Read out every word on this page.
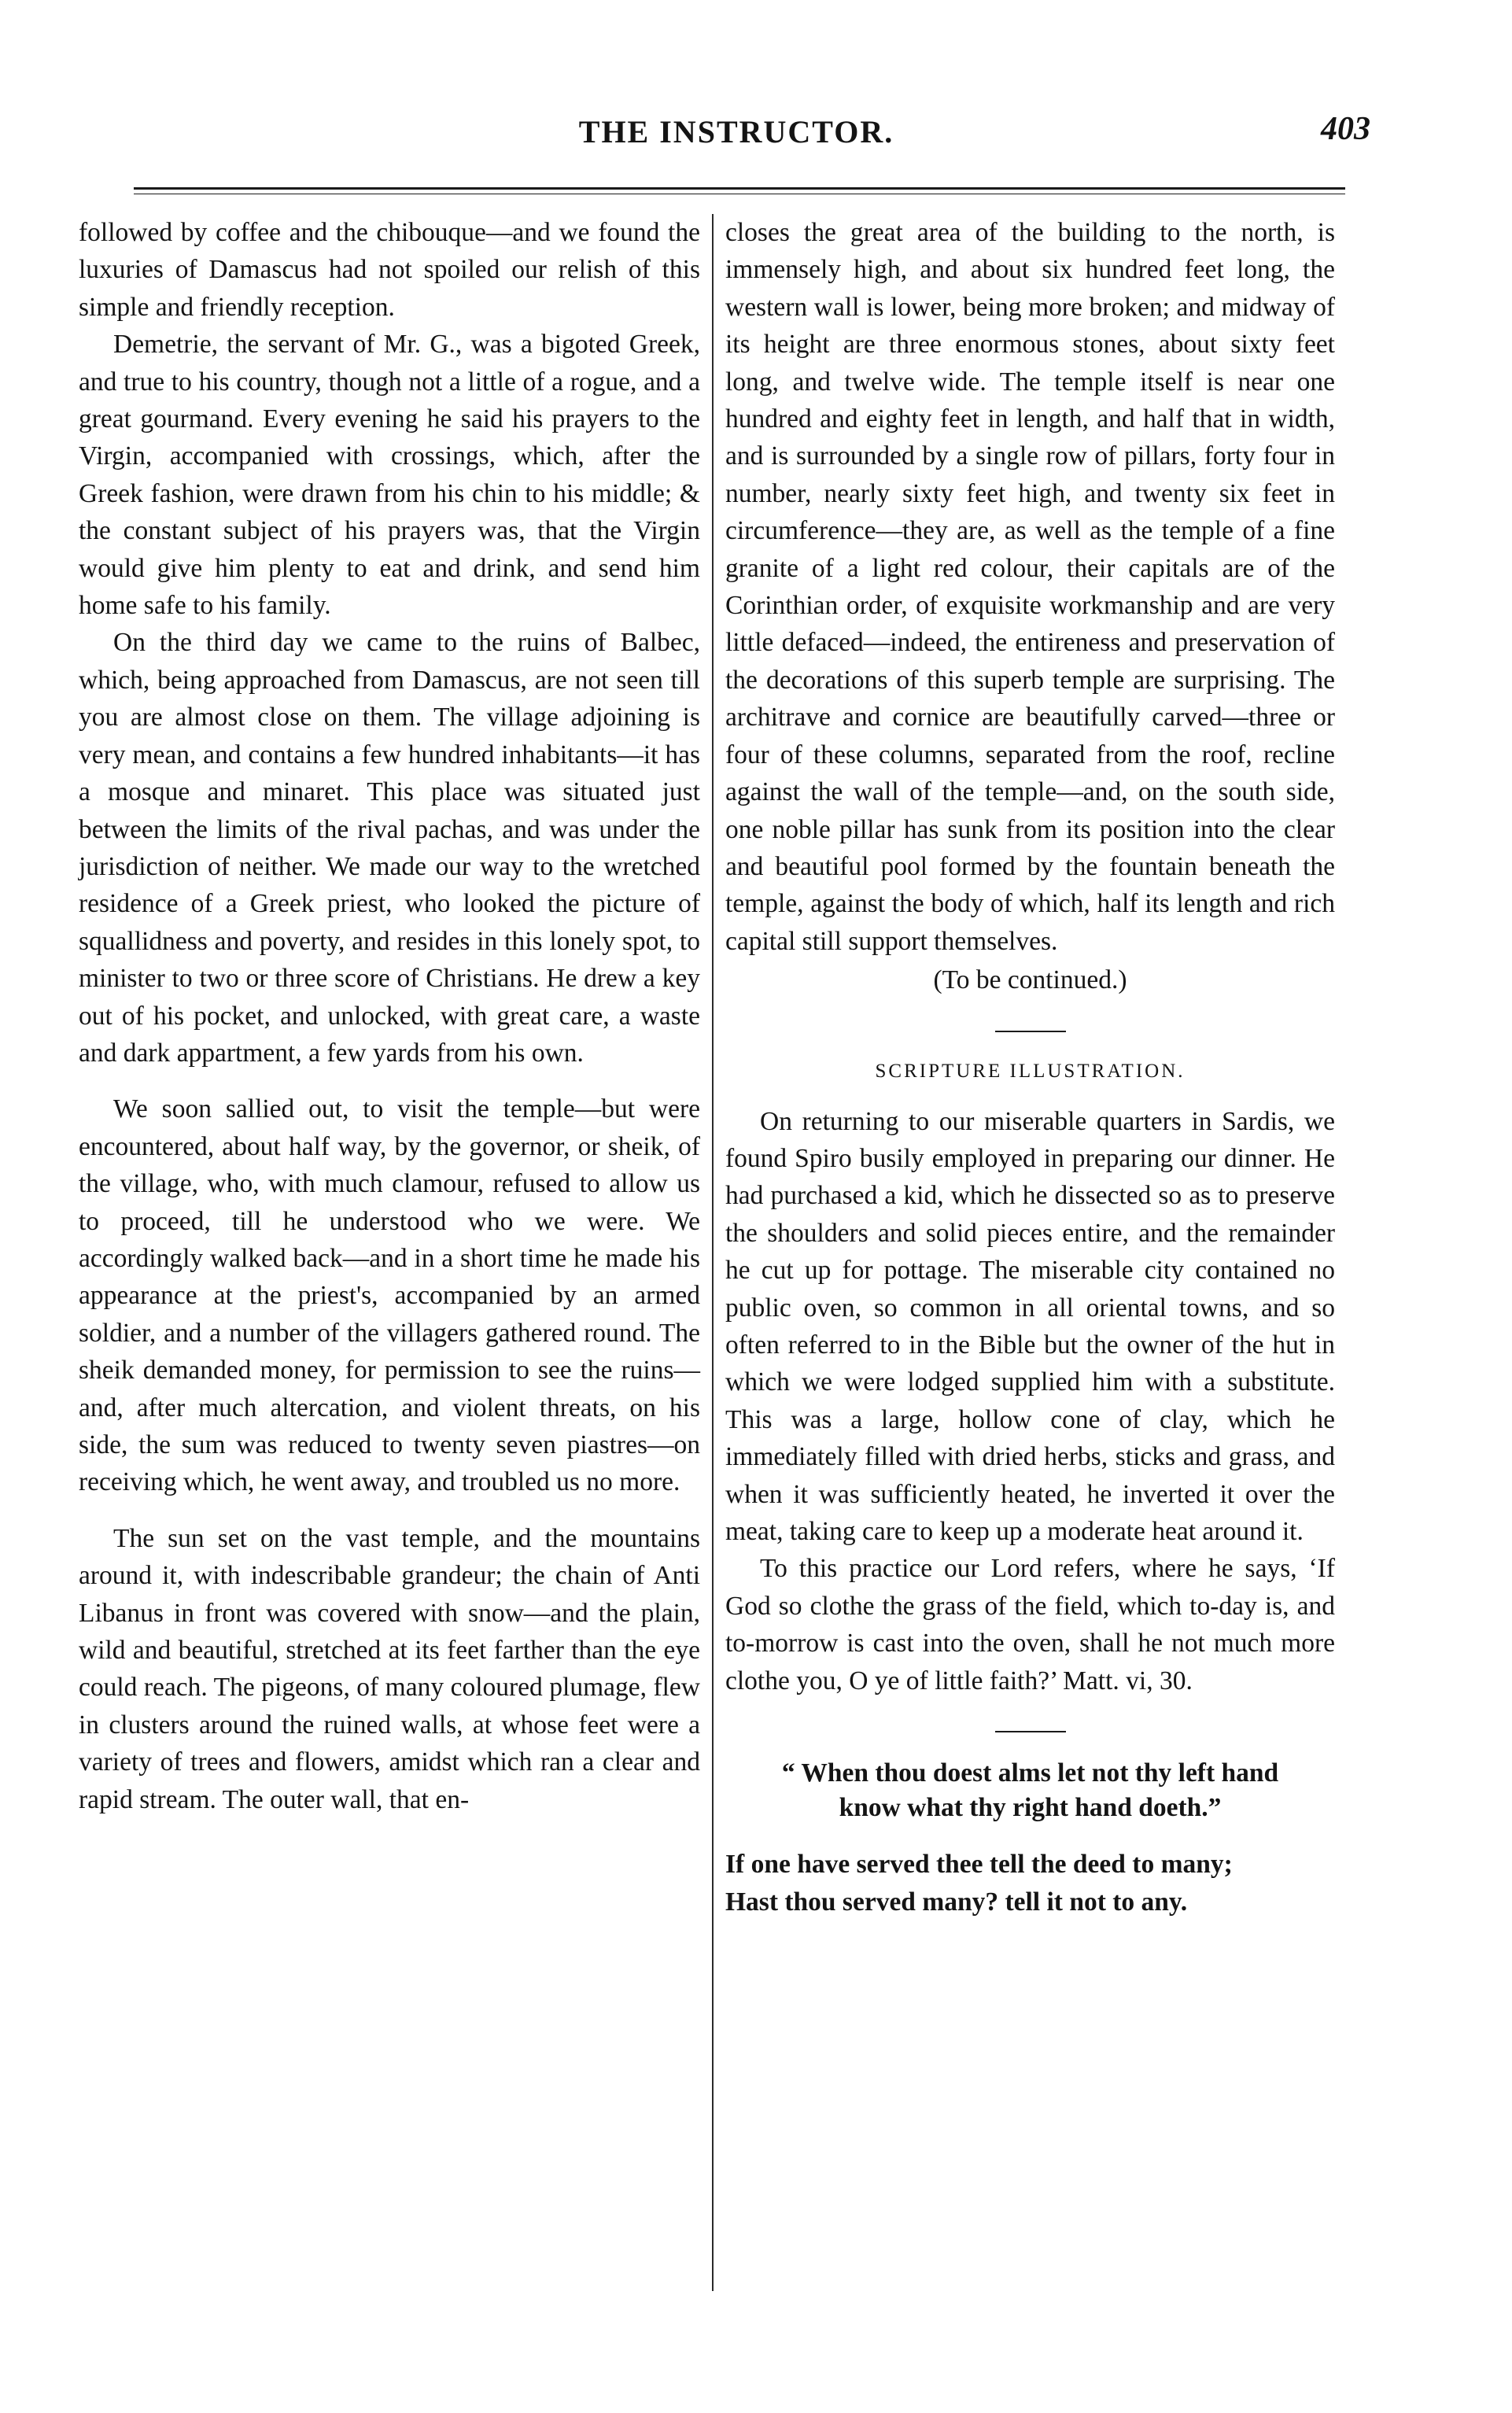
THE INSTRUCTOR.	403

followed by coffee and the chibouque—and we found the luxuries of Damascus had not spoiled our relish of this simple and friendly reception.

Demetrie, the servant of Mr. G., was a bigoted Greek, and true to his country, though not a little of a rogue, and a great gourmand. Every evening he said his prayers to the Virgin, accompanied with crossings, which, after the Greek fashion, were drawn from his chin to his middle; & the constant subject of his prayers was, that the Virgin would give him plenty to eat and drink, and send him home safe to his family.

On the third day we came to the ruins of Balbec, which, being approached from Damascus, are not seen till you are almost close on them. The village adjoining is very mean, and contains a few hundred inhabitants—it has a mosque and minaret. This place was situated just between the limits of the rival pachas, and was under the jurisdiction of neither. We made our way to the wretched residence of a Greek priest, who looked the picture of squallidness and poverty, and resides in this lonely spot, to minister to two or three score of Christians. He drew a key out of his pocket, and unlocked, with great care, a waste and dark appartment, a few yards from his own.

We soon sallied out, to visit the temple—but were encountered, about half way, by the governor, or sheik, of the village, who, with much clamour, refused to allow us to proceed, till he understood who we were. We accordingly walked back—and in a short time he made his appearance at the priest's, accompanied by an armed soldier, and a number of the villagers gathered round. The sheik demanded money, for permission to see the ruins—and, after much altercation, and violent threats, on his side, the sum was reduced to twenty seven piastres—on receiving which, he went away, and troubled us no more.

The sun set on the vast temple, and the mountains around it, with indescribable grandeur; the chain of Anti Libanus in front was covered with snow—and the plain, wild and beautiful, stretched at its feet farther than the eye could reach. The pigeons, of many coloured plumage, flew in clusters around the ruined walls, at whose feet were a variety of trees and flowers, amidst which ran a clear and rapid stream. The outer wall, that en-

closes the great area of the building to the north, is immensely high, and about six hundred feet long, the western wall is lower, being more broken; and midway of its height are three enormous stones, about sixty feet long, and twelve wide. The temple itself is near one hundred and eighty feet in length, and half that in width, and is surrounded by a single row of pillars, forty four in number, nearly sixty feet high, and twenty six feet in circumference—they are, as well as the temple of a fine granite of a light red colour, their capitals are of the Corinthian order, of exquisite workmanship and are very little defaced—indeed, the entireness and preservation of the decorations of this superb temple are surprising. The architrave and cornice are beautifully carved—three or four of these columns, separated from the roof, recline against the wall of the temple—and, on the south side, one noble pillar has sunk from its position into the clear and beautiful pool formed by the fountain beneath the temple, against the body of which, half its length and rich capital still support themselves.

(To be continued.)

SCRIPTURE ILLUSTRATION.

On returning to our miserable quarters in Sardis, we found Spiro busily employed in preparing our dinner. He had purchased a kid, which he dissected so as to preserve the shoulders and solid pieces entire, and the remainder he cut up for pottage. The miserable city contained no public oven, so common in all oriental towns, and so often referred to in the Bible but the owner of the hut in which we were lodged supplied him with a substitute. This was a large, hollow cone of clay, which he immediately filled with dried herbs, sticks and grass, and when it was sufficiently heated, he inverted it over the meat, taking care to keep up a moderate heat around it.

To this practice our Lord refers, where he says, ‘If God so clothe the grass of the field, which to-day is, and to-morrow is cast into the oven, shall he not much more clothe you, O ye of little faith?’ Matt. vi, 30.

“ When thou doest alms let not thy left hand
know what thy right hand doeth.”
If one have served thee tell the deed to many;
Hast thou served many? tell it not to any.
